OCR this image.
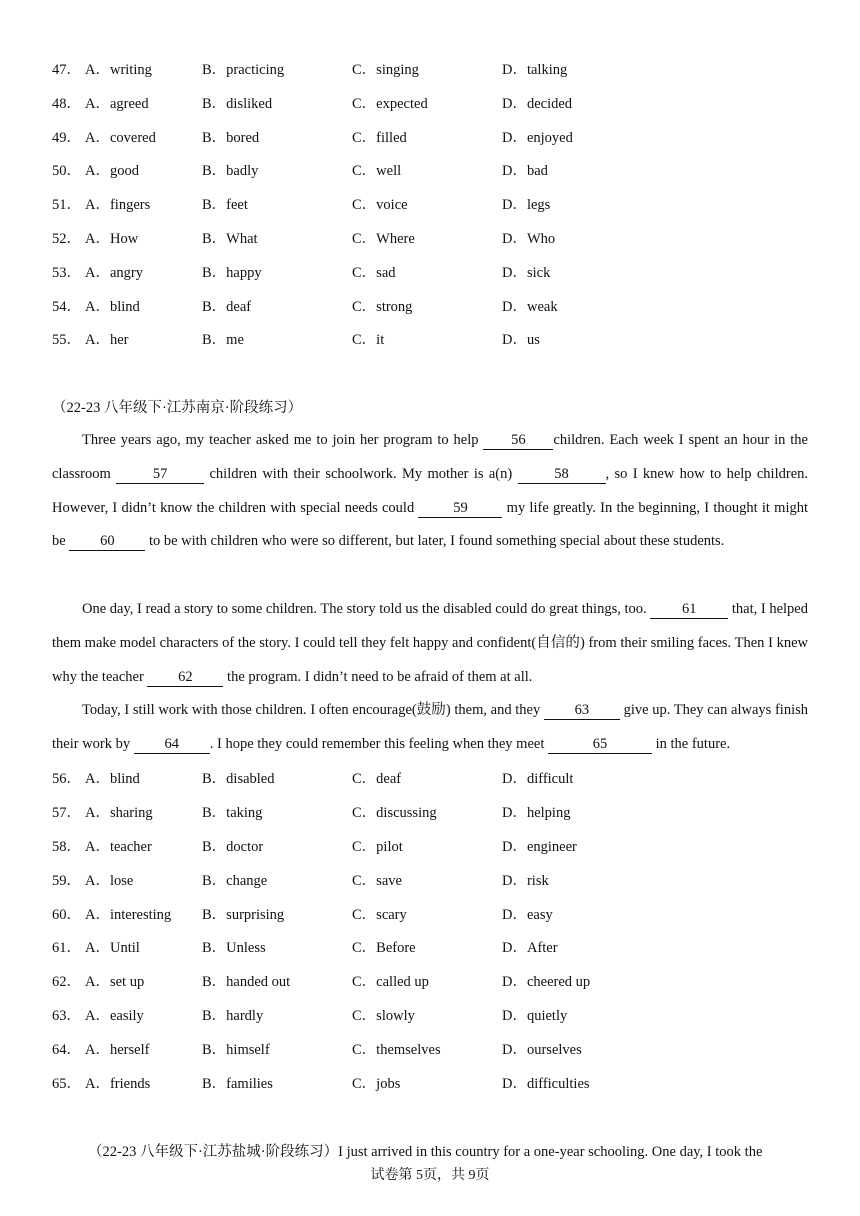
47． A．writing	B．practicing	C．singing	D．talking
48． A．agreed	B．disliked	C．expected	D．decided
49． A．covered	B．bored	C．filled	D．enjoyed
50． A．good	B．badly	C．well	D．bad
51． A．fingers	B．feet	C．voice	D．legs
52． A．How	B．What	C．Where	D．Who
53． A．angry	B．happy	C．sad	D．sick
54． A．blind	B．deaf	C．strong	D．weak
55． A．her	B．me	C．it	D．us
（22-23 八年级下·江苏南京·阶段练习）
Three years ago, my teacher asked me to join her program to help 56 children. Each week I spent an hour in the classroom	57	children with their schoolwork. My mother is a(n)	58	, so I knew how to help children. However, I didn’t know the children with special needs could 59 my life greatly. In the beginning, I thought it might be 60 to be with children who were so different, but later, I found something special about these students.
One day, I read a story to some children. The story told us the disabled could do great things, too. 61 that, I helped them make model characters of the story. I could tell they felt happy and confident(自信的) from their smiling faces. Then I knew why the teacher 62 the program. I didn’t need to be afraid of them at all.
Today, I still work with those children. I often encourage(鼓励) them, and they 63 give up. They can always finish their work by 64 . I hope they could remember this feeling when they meet	65	in the future.
56． A．blind	B．disabled	C．deaf	D．difficult
57． A．sharing	B．taking	C．discussing	D．helping
58． A．teacher	B．doctor	C．pilot	D．engineer
59． A．lose	B．change	C．save	D．risk
60． A．interesting B．surprising	C．scary	D．easy
61． A．Until	B．Unless	C．Before	D．After
62． A．set up	B．handed out	C．called up	D．cheered up
63． A．easily	B．hardly	C．slowly	D．quietly
64． A．herself	B．himself	C．themselves	D．ourselves
65． A．friends	B．families	C．jobs	D．difficulties
（22-23 八年级下·江苏盐城·阶段练习）I just arrived in this country for a one-year schooling. One day, I took the
试卷第 5页，共 9页
